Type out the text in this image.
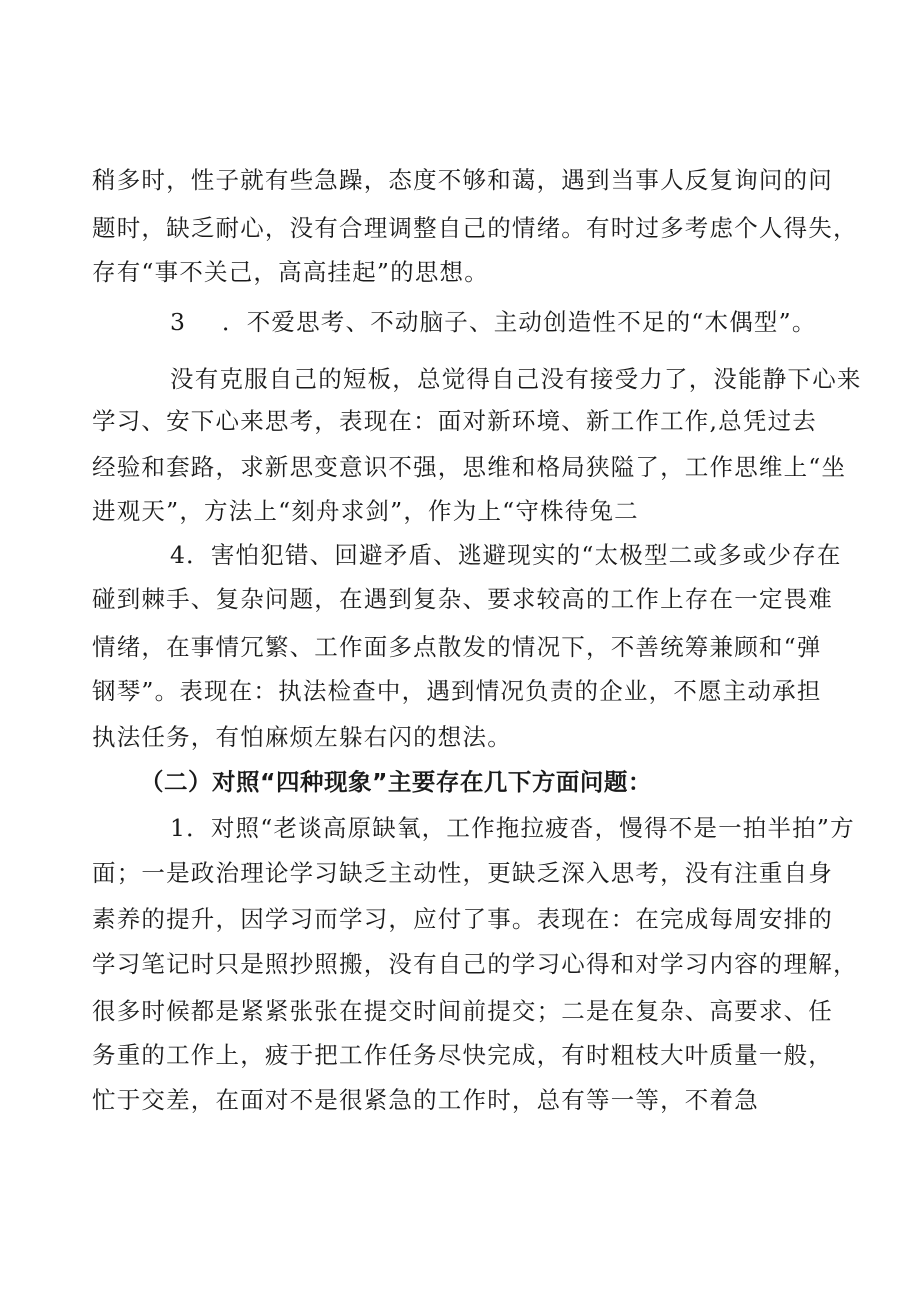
稍多时，性子就有些急躁，态度不够和蔼，遇到当事人反复询问的问
题时，缺乏耐心，没有合理调整自己的情绪。有时过多考虑个人得失，
存有“事不关己，高高挂起”的思想。
3 ．不爱思考、不动脑子、主动创造性不足的“木偶型”。
没有克服自己的短板，总觉得自己没有接受力了，没能静下心来
学习、安下心来思考，表现在：面对新环境、新工作工作,总凭过去
经验和套路，求新思变意识不强，思维和格局狭隘了，工作思维上“坐
进观天”，方法上“刻舟求剑”，作为上“守株待兔二
4．害怕犯错、回避矛盾、逃避现实的“太极型二或多或少存在
碰到棘手、复杂问题，在遇到复杂、要求较高的工作上存在一定畏难
情绪，在事情冗繁、工作面多点散发的情况下，不善统筹兼顾和“弹
钢琴”。表现在：执法检查中，遇到情况负责的企业，不愿主动承担
执法任务，有怕麻烦左躲右闪的想法。
（二）对照“四种现象”主要存在几下方面问题：
1．对照“老谈高原缺氧，工作拖拉疲沓，慢得不是一拍半拍”方
面；一是政治理论学习缺乏主动性，更缺乏深入思考，没有注重自身
素养的提升，因学习而学习，应付了事。表现在：在完成每周安排的
学习笔记时只是照抄照搬，没有自己的学习心得和对学习内容的理解，
很多时候都是紧紧张张在提交时间前提交；二是在复杂、高要求、任
务重的工作上，疲于把工作任务尽快完成，有时粗枝大叶质量一般，
忙于交差，在面对不是很紧急的工作时，总有等一等，不着急
